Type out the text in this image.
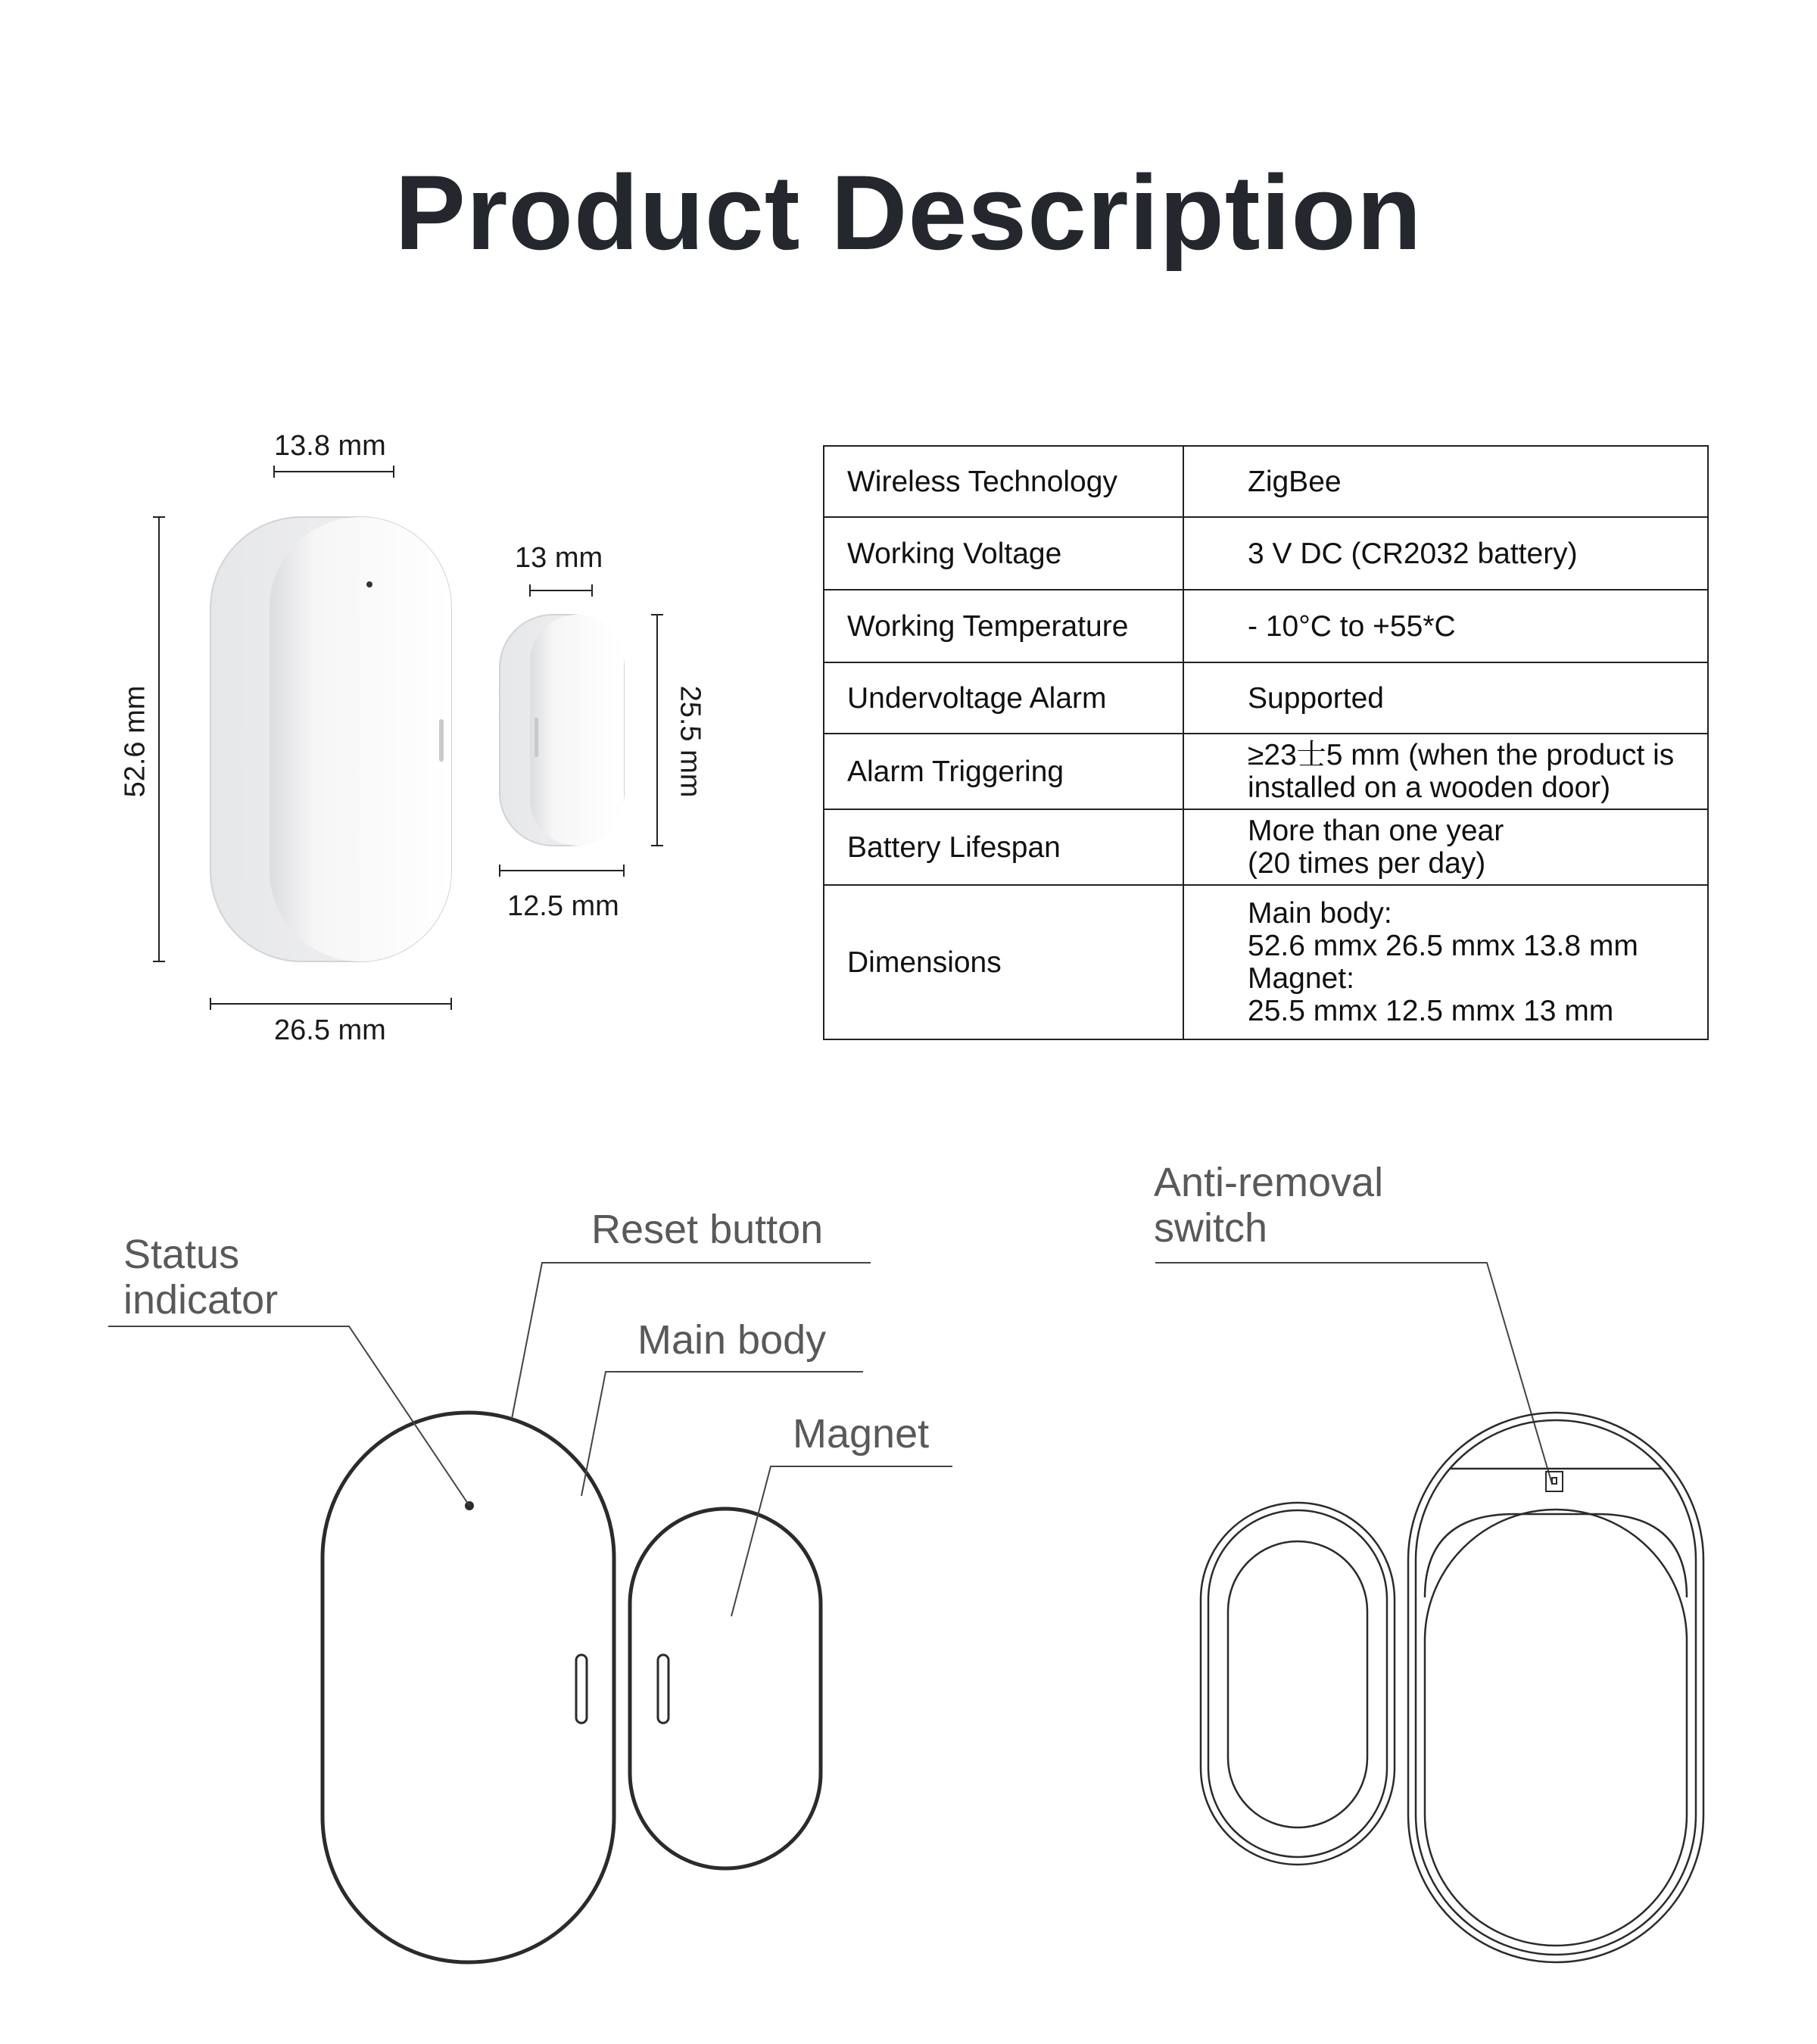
Product Description
13.8 mm
52.6 mm
26.5 mm
13 mm
25.5 mm
12.5 mm
Wireless Technology	ZigBee
Working Voltage	3 V DC (CR2032 battery)
Working Temperature	- 10°C to +55*C
Undervoltage Alarm	Supported
Alarm Triggering	≥23士5 mm (when the product is
installed on a wooden door)
Battery Lifespan	More than one year
(20 times per day)
Dimensions	Main body:
52.6 mmx 26.5 mmx 13.8 mm
Magnet:
25.5 mmx 12.5 mmx 13 mm
Status
indicator
Reset button
Main body
Magnet
Anti-removal
switch
